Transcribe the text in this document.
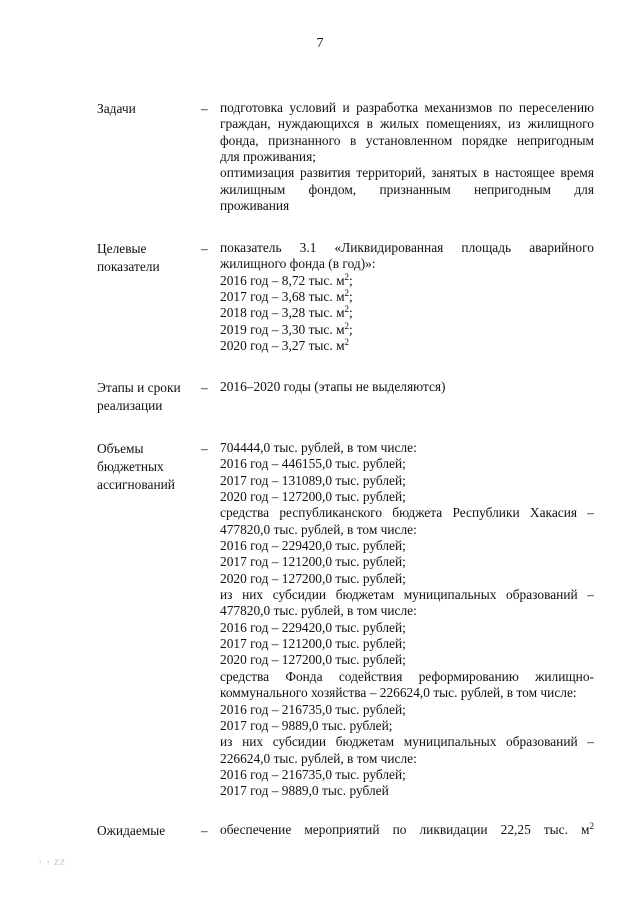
7
Задачи	– подготовка условий и разработка механизмов по переселению
граждан, нуждающихся в жилых помещениях, из жилищного
фонда, признанного в установленном порядке непригодным
для проживания;
оптимизация развития территорий, занятых в настоящее время
жилищным фондом, признанным непригодным для
проживания
Целевые
показатели
– показатель 3.1 «Ликвидированная площадь аварийного
жилищного фонда (в год)»:
2016 год – 8,72 тыс. $м^2$;
2017 год – 3,68 тыс. $м^2$;
2018 год – 3,28 тыс. $м^2$;
2019 год – 3,30 тыс. $м^2$;
2020 год – 3,27 тыс. $м^2$
Этапы и сроки
реализации
– 2016–2020 годы (этапы не выделяются)
Объемы
бюджетных
ассигнований
– 704444,0 тыс. рублей, в том числе:
2016 год – 446155,0 тыс. рублей;
2017 год – 131089,0 тыс. рублей;
2020 год – 127200,0 тыс. рублей;
средства республиканского бюджета Республики Хакасия –
477820,0 тыс. рублей, в том числе:
2016 год – 229420,0 тыс. рублей;
2017 год – 121200,0 тыс. рублей;
2020 год – 127200,0 тыс. рублей;
из них субсидии бюджетам муниципальных образований –
477820,0 тыс. рублей, в том числе:
2016 год – 229420,0 тыс. рублей;
2017 год – 121200,0 тыс. рублей;
2020 год – 127200,0 тыс. рублей;
средства Фонда содействия реформированию жилищно-
коммунального хозяйства – 226624,0 тыс. рублей, в том числе:
2016 год – 216735,0 тыс. рублей;
2017 год – 9889,0 тыс. рублей;
из них субсидии бюджетам муниципальных образований –
226624,0 тыс. рублей, в том числе:
2016 год – 216735,0 тыс. рублей;
2017 год – 9889,0 тыс. рублей
Ожидаемые	– обеспечение мероприятий по ликвидации 22,25 тыс. $м^2$
↑ ↑ ZZ
